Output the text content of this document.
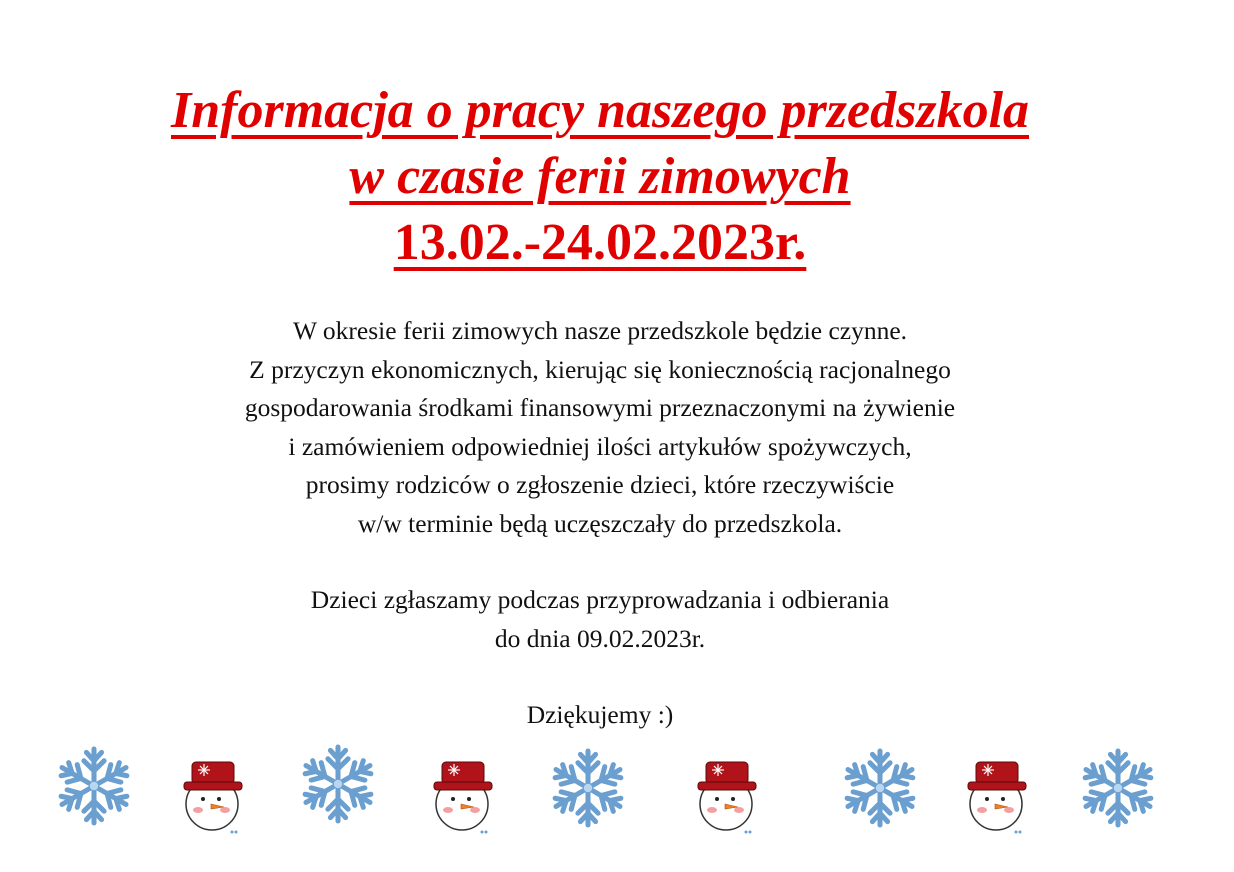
Informacja o pracy naszego przedszkola
w czasie ferii zimowych
13.02.-24.02.2023r.
W okresie ferii zimowych nasze przedszkole będzie czynne.
Z przyczyn ekonomicznych, kierując się koniecznością racjonalnego
gospodarowania środkami finansowymi przeznaczonymi na żywienie
i zamówieniem odpowiedniej ilości artykułów spożywczych,
prosimy rodziców o zgłoszenie dzieci, które rzeczywiście
w/w terminie będą uczęszczały do przedszkola.
Dzieci zgłaszamy podczas przyprowadzania i odbierania
do dnia 09.02.2023r.
Dziękujemy :)
